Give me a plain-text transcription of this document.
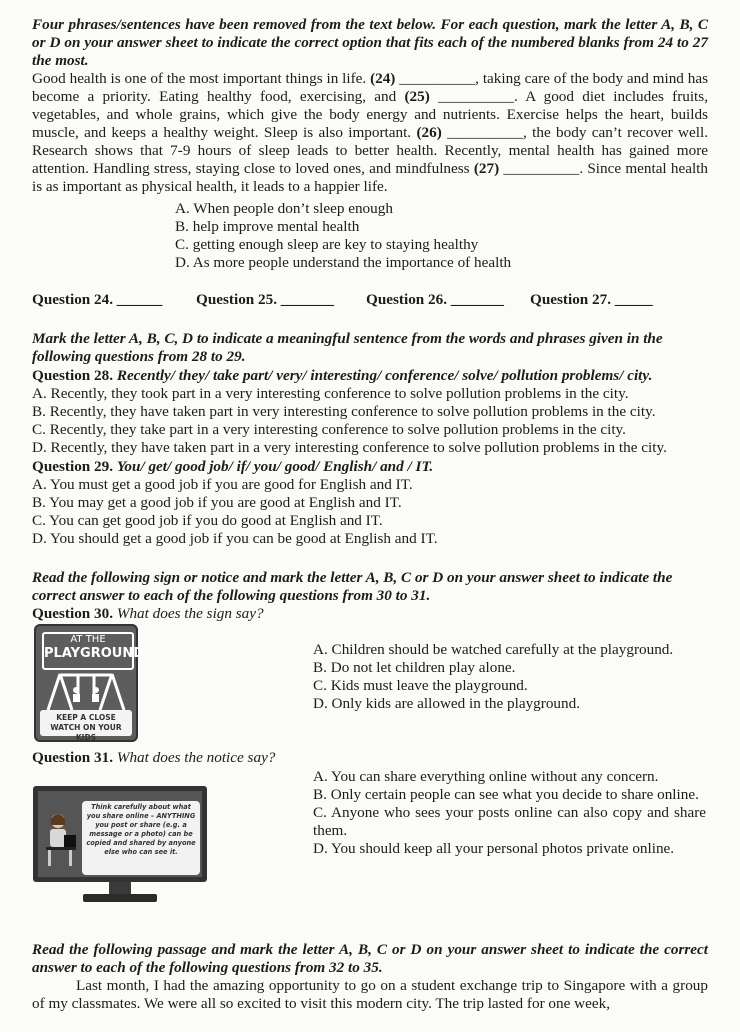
Four phrases/sentences have been removed from the text below. For each question, mark the letter A, B, C or D on your answer sheet to indicate the correct option that fits each of the numbered blanks from 24 to 27 the most.
Good health is one of the most important things in life. (24) __________, taking care of the body and mind has become a priority. Eating healthy food, exercising, and (25) __________. A good diet includes fruits, vegetables, and whole grains, which give the body energy and nutrients. Exercise helps the heart, builds muscle, and keeps a healthy weight. Sleep is also important. (26) __________, the body can’t recover well. Research shows that 7-9 hours of sleep leads to better health. Recently, mental health has gained more attention. Handling stress, staying close to loved ones, and mindfulness (27) __________. Since mental health is as important as physical health, it leads to a happier life.
A. When people don’t sleep enough
B. help improve mental health
C. getting enough sleep are key to staying healthy
D. As more people understand the importance of health
Question 24. ______ Question 25. _______ Question 26. _______ Question 27. _____
Mark the letter A, B, C, D to indicate a meaningful sentence from the words and phrases given in the following questions from 28 to 29.
Question 28. Recently/ they/ take part/ very/ interesting/ conference/ solve/ pollution problems/ city.
A. Recently, they took part in a very interesting conference to solve pollution problems in the city.
B. Recently, they have taken part in very interesting conference to solve pollution problems in the city.
C. Recently, they take part in a very interesting conference to solve pollution problems in the city.
D. Recently, they have taken part in a very interesting conference to solve pollution problems in the city.
Question 29. You/ get/ good job/ if/ you/ good/ English/ and / IT.
A. You must get a good job if you are good for English and IT.
B. You may get a good job if you are good at English and IT.
C. You can get good job if you do good at English and IT.
D. You should get a good job if you can be good at English and IT.
Read the following sign or notice and mark the letter A, B, C or D on your answer sheet to indicate the correct answer to each of the following questions from 30 to 31.
Question 30. What does the sign say?
AT THE
PLAYGROUND
KEEP A CLOSE WATCH ON YOUR KIDS
A. Children should be watched carefully at the playground.
B. Do not let children play alone.
C. Kids must leave the playground.
D. Only kids are allowed in the playground.
Question 31. What does the notice say?
Think carefully about what you share online – ANYTHING you post or share (e.g. a message or a photo) can be copied and shared by anyone else who can see it.
A. You can share everything online without any concern.
B. Only certain people can see what you decide to share online.
C. Anyone who sees your posts online can also copy and share them.
D. You should keep all your personal photos private online.
Read the following passage and mark the letter A, B, C or D on your answer sheet to indicate the correct answer to each of the following questions from 32 to 35.
Last month, I had the amazing opportunity to go on a student exchange trip to Singapore with a group of my classmates. We were all so excited to visit this modern city. The trip lasted for one week,
